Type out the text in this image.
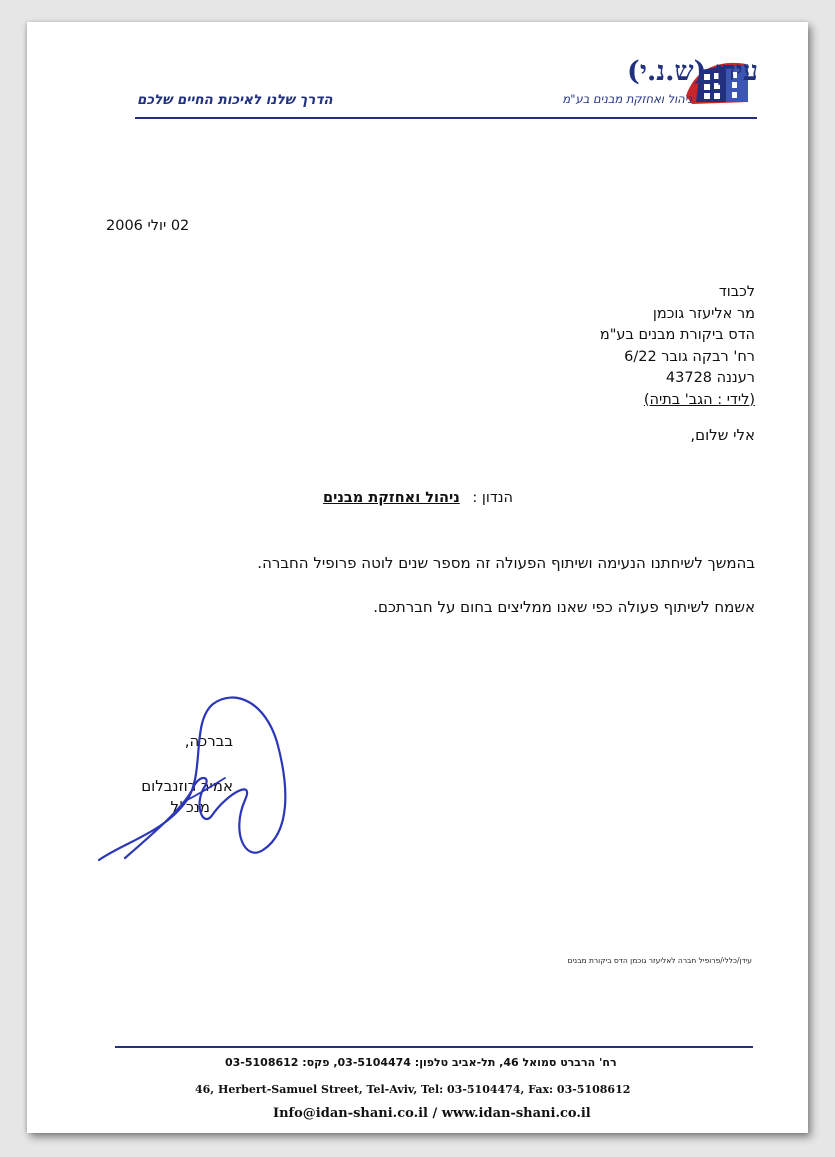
עידן (ש.נ.י)
ניהול ואחזקת מבנים בע"מ
הדרך שלנו לאיכות החיים שלכם
02 יולי 2006
לכבוד
מר אליעזר גוכמן
הדס ביקורת מבנים בע"מ
רח' רבקה גובר 6/22
רעננה 43728
(לידי : הגב' בתיה)
אלי שלום,
הנדון : ניהול ואחזקת מבנים
בהמשך לשיחתנו הנעימה ושיתוף הפעולה זה מספר שנים לוטה פרופיל החברה.
אשמח לשיתוף פעולה כפי שאנו ממליצים בחום על חברתכם.
בברכה,
אמיר רוזנבלום
מנכ"ל
עידן/כללי/פרופיל חברה לאליעזר גוכמן הדס ביקורת מבנים
רח' הרברט סמואל 46, תל-אביב טלפון: 03-5104474, פקס: 03-5108612
46, Herbert-Samuel Street, Tel-Aviv, Tel: 03-5104474, Fax: 03-5108612
Info@idan-shani.co.il / www.idan-shani.co.il
